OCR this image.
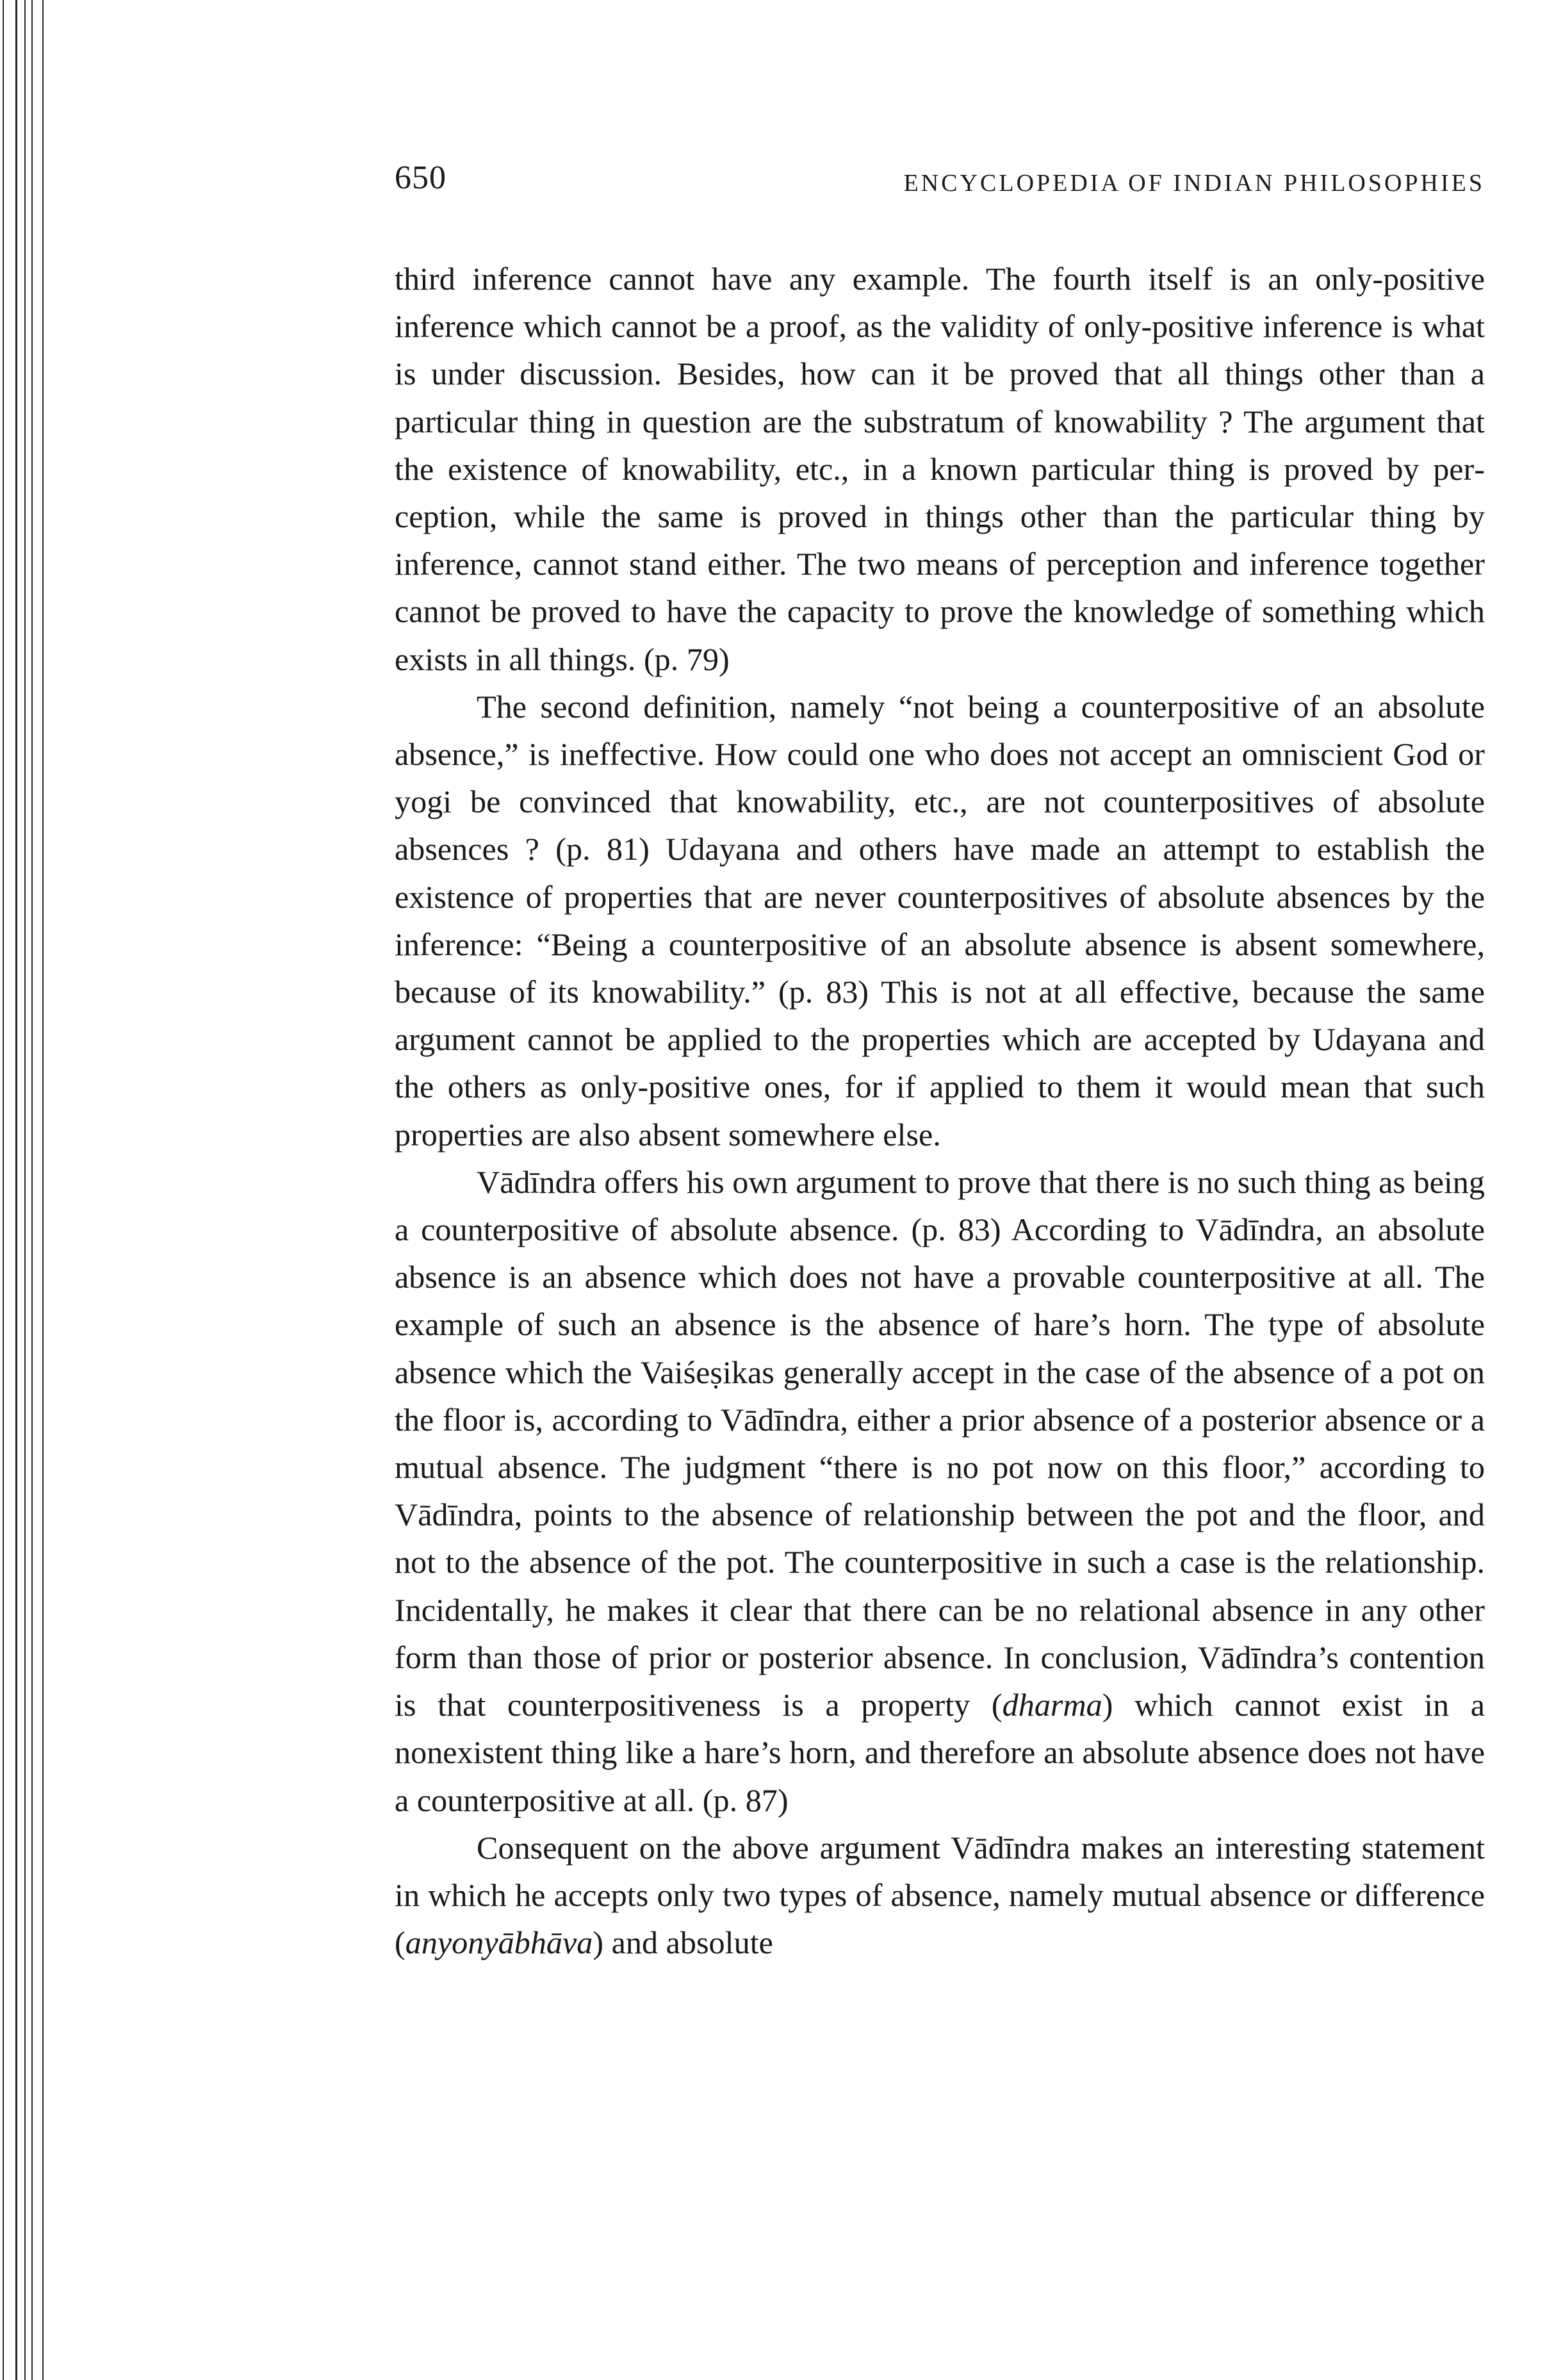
650	ENCYCLOPEDIA OF INDIAN PHILOSOPHIES

third inference cannot have any example. The fourth itself is an only-positive inference which cannot be a proof, as the validity of only-positive inference is what is under discussion. Besides, how can it be proved that all things other than a particular thing in question are the substratum of knowability ? The argument that the existence of knowability, etc., in a known particular thing is proved by perception, while the same is proved in things other than the particular thing by inference, cannot stand either. The two means of perception and inference together cannot be proved to have the capacity to prove the knowledge of something which exists in all things. (p. 79)

The second definition, namely “not being a counterpositive of an absolute absence,” is ineffective. How could one who does not accept an omniscient God or yogi be convinced that knowability, etc., are not counterpositives of absolute absences ? (p. 81) Udayana and others have made an attempt to establish the existence of properties that are never counterpositives of absolute absences by the inference: “Being a counterpositive of an absolute absence is absent somewhere, because of its knowability.” (p. 83) This is not at all effective, because the same argument cannot be applied to the properties which are accepted by Udayana and the others as only-positive ones, for if applied to them it would mean that such properties are also absent somewhere else.

Vādīndra offers his own argument to prove that there is no such thing as being a counterpositive of absolute absence. (p. 83) According to Vādīndra, an absolute absence is an absence which does not have a provable counterpositive at all. The example of such an absence is the absence of hare’s horn. The type of absolute absence which the Vaiśeṣikas generally accept in the case of the absence of a pot on the floor is, according to Vādīndra, either a prior absence of a posterior absence or a mutual absence. The judgment “there is no pot now on this floor,” according to Vādīndra, points to the absence of relationship between the pot and the floor, and not to the absence of the pot. The counterpositive in such a case is the relationship. Incidentally, he makes it clear that there can be no relational absence in any other form than those of prior or posterior absence. In conclusion, Vādīndra’s contention is that counterpositiveness is a property (dharma) which cannot exist in a nonexistent thing like a hare’s horn, and therefore an absolute absence does not have a counterpositive at all. (p. 87)

Consequent on the above argument Vādīndra makes an interesting statement in which he accepts only two types of absence, namely mutual absence or difference (anyonyābhāva) and absolute
